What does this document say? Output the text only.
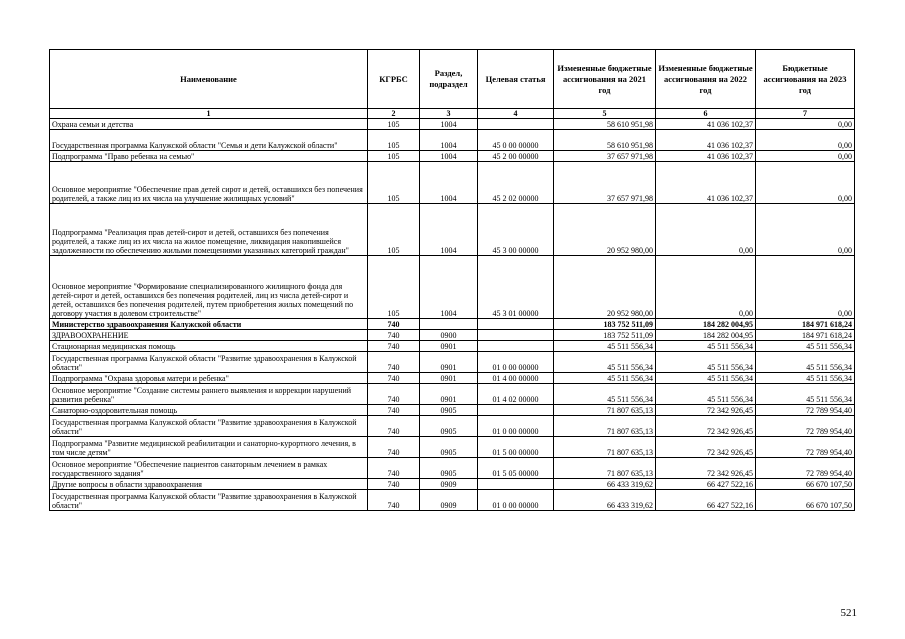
Наименование	КГРБС	Раздел, подраздел	Целевая статья	Измененные бюджетные ассигнования на 2021 год	Измененные бюджетные ассигнования на 2022 год	Бюджетные ассигнования на 2023 год
1	2	3	4	5	6	7
Охрана семьи и детства	105	1004		58 610 951,98	41 036 102,37	0,00
Государственная программа Калужской области "Семья и дети Калужской области"	105	1004	45 0 00 00000	58 610 951,98	41 036 102,37	0,00
Подпрограмма "Право ребенка на семью"	105	1004	45 2 00 00000	37 657 971,98	41 036 102,37	0,00
Основное мероприятие "Обеспечение прав детей сирот и детей, оставшихся без попечения родителей, а также лиц из их числа на улучшение жилищных условий"	105	1004	45 2 02 00000	37 657 971,98	41 036 102,37	0,00
Подпрограмма "Реализация прав детей-сирот и детей, оставшихся без попечения родителей, а также лиц из их числа на жилое помещение, ликвидация накопившейся задолженности по обеспечению жилыми помещениями указанных категорий граждан"	105	1004	45 3 00 00000	20 952 980,00	0,00	0,00
Основное мероприятие "Формирование специализированного жилищного фонда для детей-сирот и детей, оставшихся без попечения родителей, лиц из числа детей-сирот и детей, оставшихся без попечения родителей, путем приобретения жилых помещений по договору участия в долевом строительстве"	105	1004	45 3 01 00000	20 952 980,00	0,00	0,00
Министерство здравоохранения Калужской области	740			183 752 511,09	184 282 004,95	184 971 618,24
ЗДРАВООХРАНЕНИЕ	740	0900		183 752 511,09	184 282 004,95	184 971 618,24
Стационарная медицинская помощь	740	0901		45 511 556,34	45 511 556,34	45 511 556,34
Государственная программа Калужской области "Развитие здравоохранения в Калужской области"	740	0901	01 0 00 00000	45 511 556,34	45 511 556,34	45 511 556,34
Подпрограмма "Охрана здоровья матери и ребенка"	740	0901	01 4 00 00000	45 511 556,34	45 511 556,34	45 511 556,34
Основное мероприятие "Создание системы раннего выявления и коррекции нарушений развития ребенка"	740	0901	01 4 02 00000	45 511 556,34	45 511 556,34	45 511 556,34
Санаторно-оздоровительная помощь	740	0905		71 807 635,13	72 342 926,45	72 789 954,40
Государственная программа Калужской области "Развитие здравоохранения в Калужской области"	740	0905	01 0 00 00000	71 807 635,13	72 342 926,45	72 789 954,40
Подпрограмма "Развитие медицинской реабилитации и санаторно-курортного лечения, в том числе детям"	740	0905	01 5 00 00000	71 807 635,13	72 342 926,45	72 789 954,40
Основное мероприятие "Обеспечение пациентов санаторным лечением в рамках государственного задания"	740	0905	01 5 05 00000	71 807 635,13	72 342 926,45	72 789 954,40
Другие вопросы в области здравоохранения	740	0909		66 433 319,62	66 427 522,16	66 670 107,50
Государственная программа Калужской области "Развитие здравоохранения в Калужской области"	740	0909	01 0 00 00000	66 433 319,62	66 427 522,16	66 670 107,50
521
